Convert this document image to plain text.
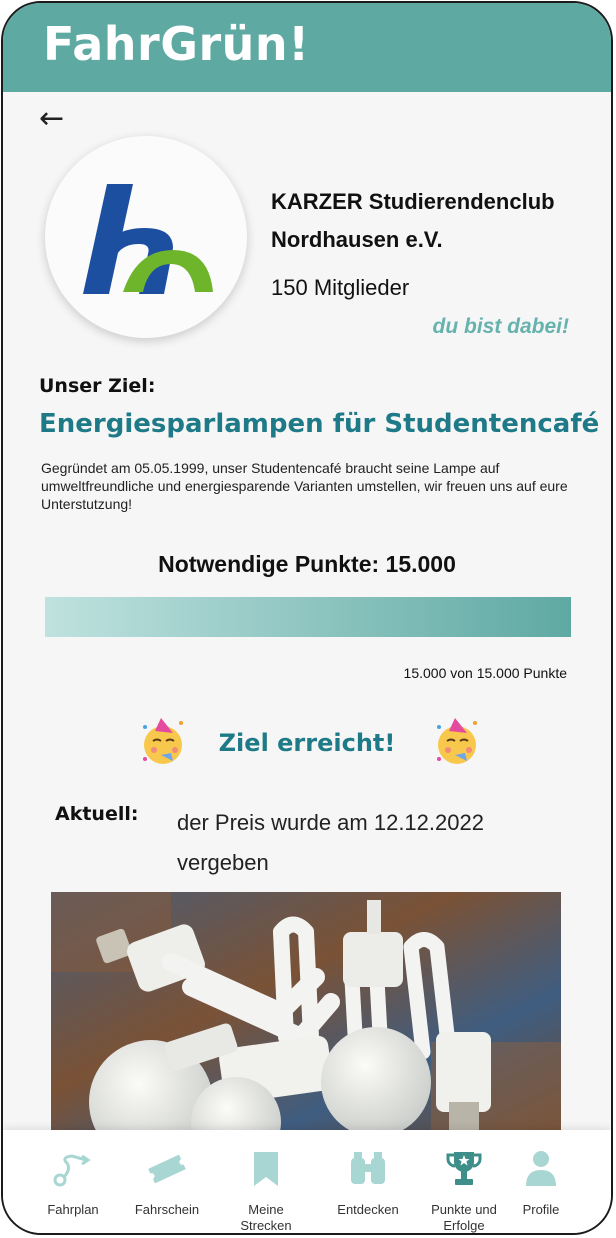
FahrGrün!
←
KARZER Studierendenclub Nordhausen e.V.
150 Mitglieder
du bist dabei!
Unser Ziel:
Energiesparlampen für Studentencafé
Gegründet am 05.05.1999, unser Studentencafé braucht seine Lampe auf umweltfreundliche und energiesparende Varianten umstellen, wir freuen uns auf eure Unterstutzung!
Notwendige Punkte: 15.000
15.000 von 15.000 Punkte
Ziel erreicht!
Aktuell: der Preis wurde am 12.12.2022 vergeben
Fahrplan	Fahrschein	Meine Strecken
Entdecken	Punkte und Erfolge
Profile
